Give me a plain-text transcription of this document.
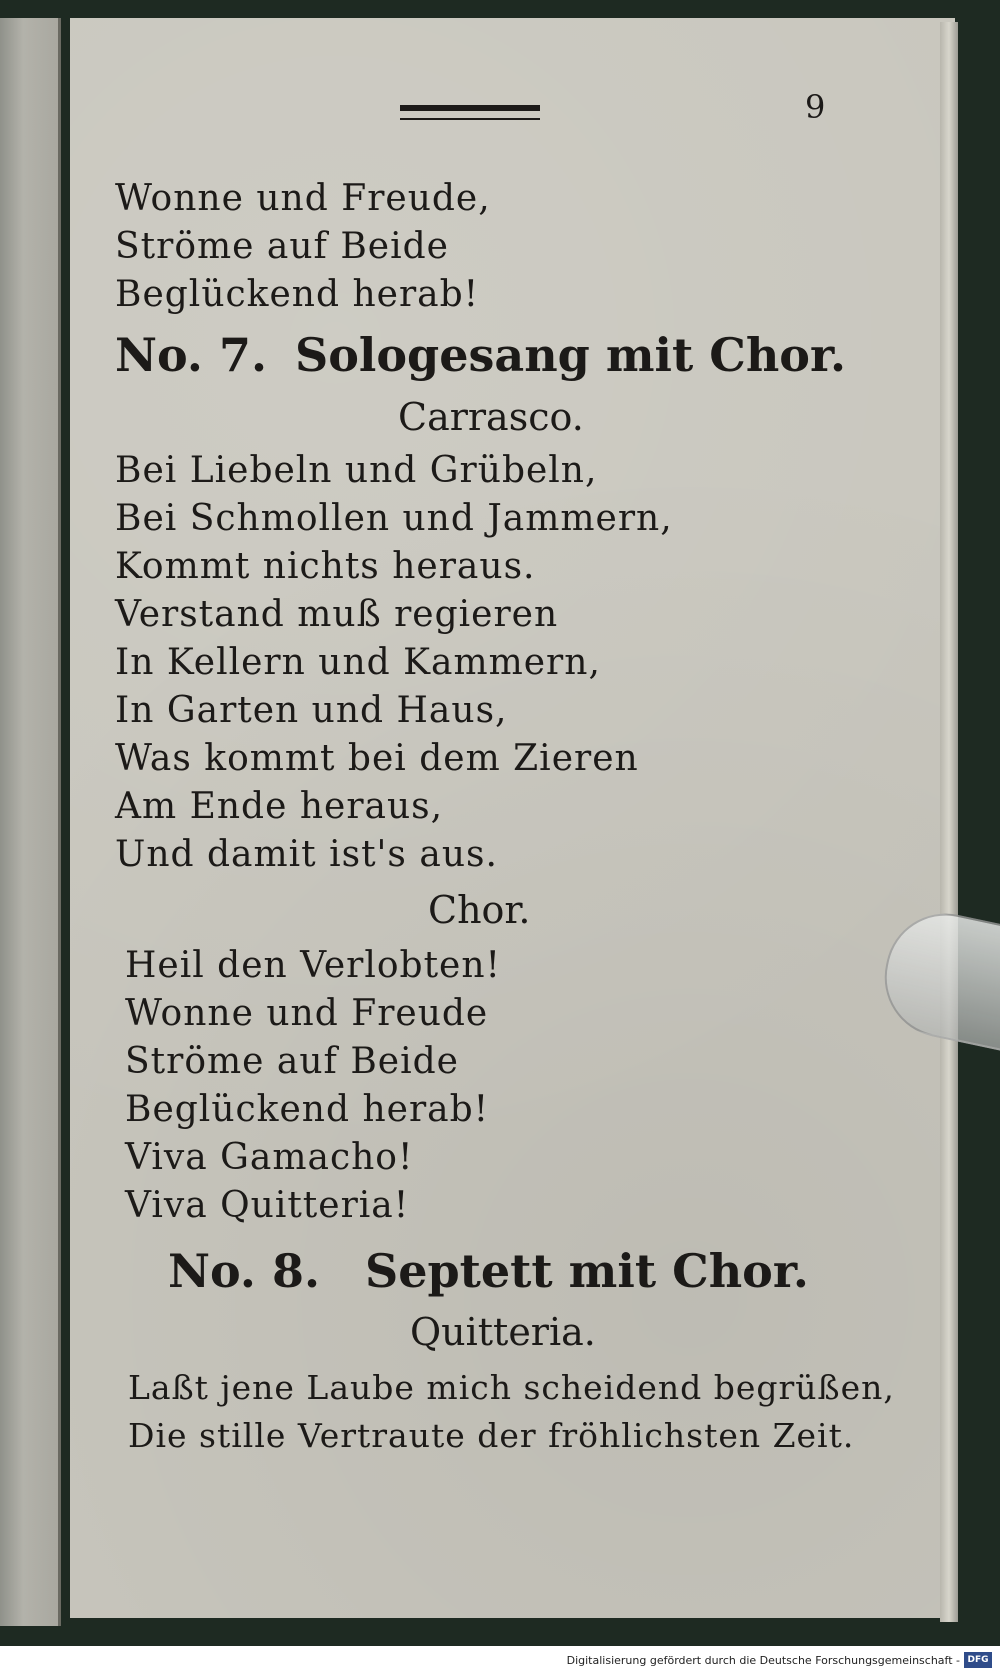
9
Wonne und Freude,
Ströme auf Beide
Beglückend herab!
No. 7. Sologesang mit Chor.
Carrasco.
Bei Liebeln und Grübeln,
Bei Schmollen und Jammern,
Kommt nichts heraus.
Verstand muß regieren
In Kellern und Kammern,
In Garten und Haus,
Was kommt bei dem Zieren
Am Ende heraus,
Und damit ist's aus.
Chor.
Heil den Verlobten!
Wonne und Freude
Ströme auf Beide
Beglückend herab!
Viva Gamacho!
Viva Quitteria!
No. 8. Septett mit Chor.
Quitteria.
Laßt jene Laube mich scheidend begrüßen,
Die stille Vertraute der fröhlichsten Zeit.
Digitalisierung gefördert durch die Deutsche Forschungsgemeinschaft - DFG
